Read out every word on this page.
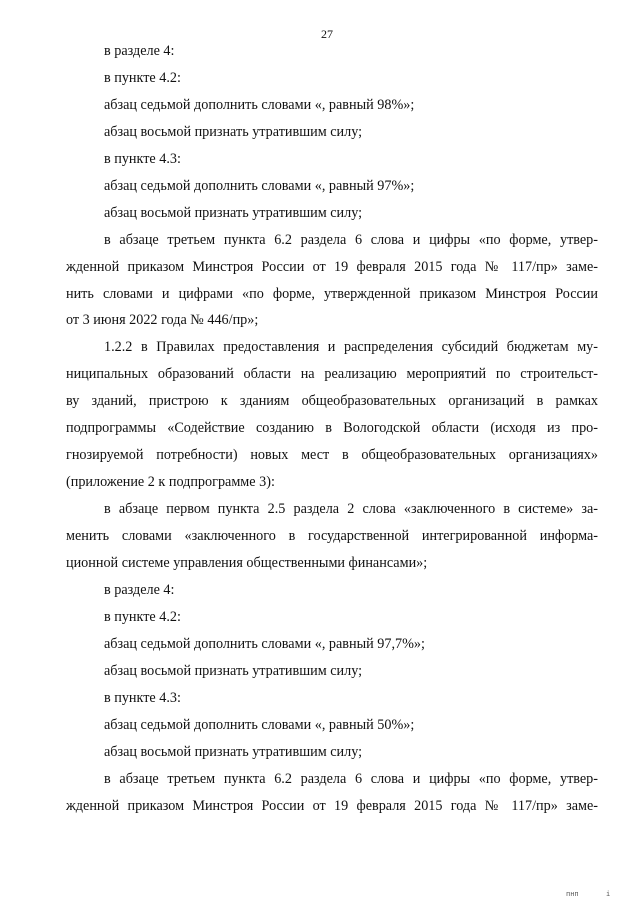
27

в разделе 4:

в пункте 4.2:

абзац седьмой дополнить словами «, равный 98%»;

абзац восьмой признать утратившим силу;

в пункте 4.3:

абзац седьмой дополнить словами «, равный 97%»;

абзац восьмой признать утратившим силу;

в абзаце третьем пункта 6.2 раздела 6 слова и цифры «по форме, утвер-

жденной приказом Минстроя России от 19 февраля 2015 года № 117/пр» заме-

нить словами и цифрами «по форме, утвержденной приказом Минстроя России

от 3 июня 2022 года № 446/пр»;

1.2.2 в Правилах предоставления и распределения субсидий бюджетам му-

ниципальных образований области на реализацию мероприятий по строительст-

ву зданий, пристрою к зданиям общеобразовательных организаций в рамках

подпрограммы «Содействие созданию в Вологодской области (исходя из про-

гнозируемой потребности) новых мест в общеобразовательных организациях»

(приложение 2 к подпрограмме 3):

в абзаце первом пункта 2.5 раздела 2 слова «заключенного в системе» за-

менить словами «заключенного в государственной интегрированной информа-

ционной системе управления общественными финансами»;

в разделе 4:

в пункте 4.2:

абзац седьмой дополнить словами «, равный 97,7%»;

абзац восьмой признать утратившим силу;

в пункте 4.3:

абзац седьмой дополнить словами «, равный 50%»;

абзац восьмой признать утратившим силу;

в абзаце третьем пункта 6.2 раздела 6 слова и цифры «по форме, утвер-

жденной приказом Минстроя России от 19 февраля 2015 года № 117/пр» заме-

пнп	і
